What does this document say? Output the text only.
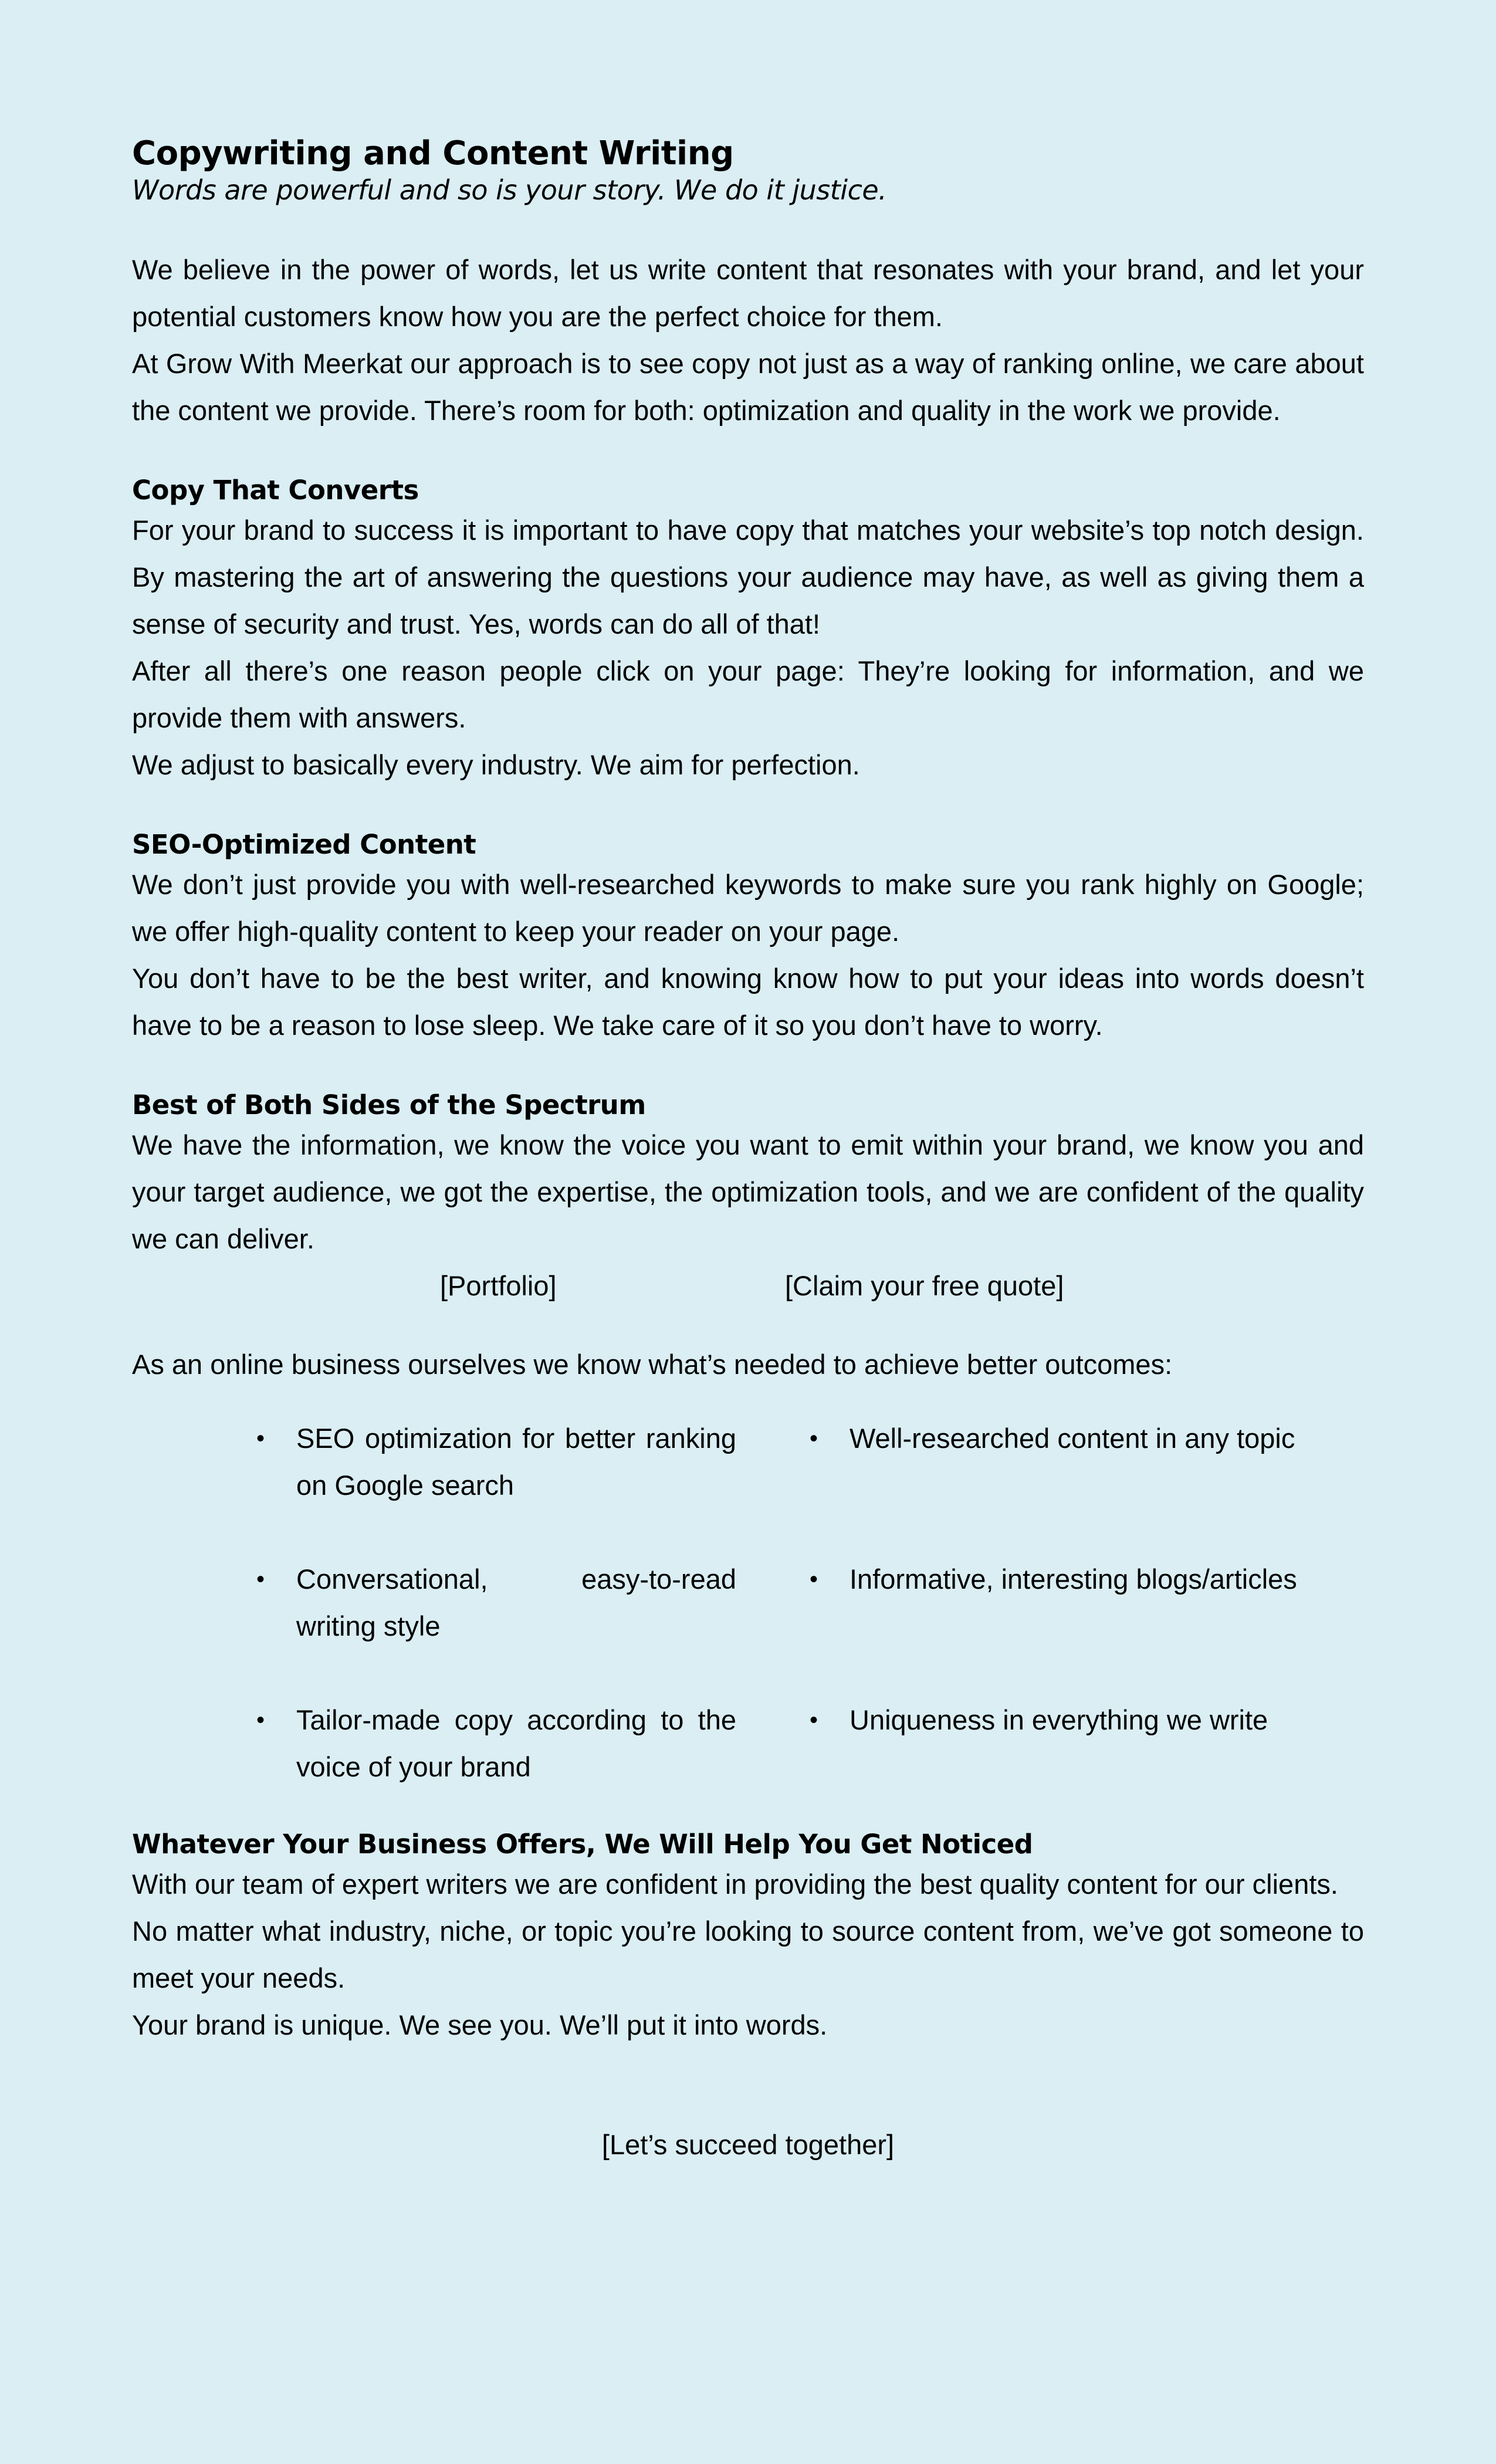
Copywriting and Content Writing
Words are powerful and so is your story. We do it justice.

We believe in the power of words, let us write content that resonates with your brand, and let your potential customers know how you are the perfect choice for them.

At Grow With Meerkat our approach is to see copy not just as a way of ranking online, we care about the content we provide. There’s room for both: optimization and quality in the work we provide.

Copy That Converts

For your brand to success it is important to have copy that matches your website’s top notch design. By mastering the art of answering the questions your audience may have, as well as giving them a sense of security and trust. Yes, words can do all of that!

After all there’s one reason people click on your page: They’re looking for information, and we provide them with answers.

We adjust to basically every industry. We aim for perfection.

SEO-Optimized Content

We don’t just provide you with well-researched keywords to make sure you rank highly on Google; we offer high-quality content to keep your reader on your page.

You don’t have to be the best writer, and knowing know how to put your ideas into words doesn’t have to be a reason to lose sleep. We take care of it so you don’t have to worry.

Best of Both Sides of the Spectrum

We have the information, we know the voice you want to emit within your brand, we know you and your target audience, we got the expertise, the optimization tools, and we are confident of the quality we can deliver.

[Portfolio]	[Claim your free quote]

As an online business ourselves we know what’s needed to achieve better outcomes:

• SEO optimization for better ranking on Google search
• Conversational, easy-to-read writing style
• Tailor-made copy according to the voice of your brand
• Well-researched content in any topic
• Informative, interesting blogs/articles
• Uniqueness in everything we write
Whatever Your Business Offers, We Will Help You Get Noticed

With our team of expert writers we are confident in providing the best quality content for our clients.

No matter what industry, niche, or topic you’re looking to source content from, we’ve got someone to meet your needs.

Your brand is unique. We see you. We’ll put it into words.

[Let’s succeed together]
